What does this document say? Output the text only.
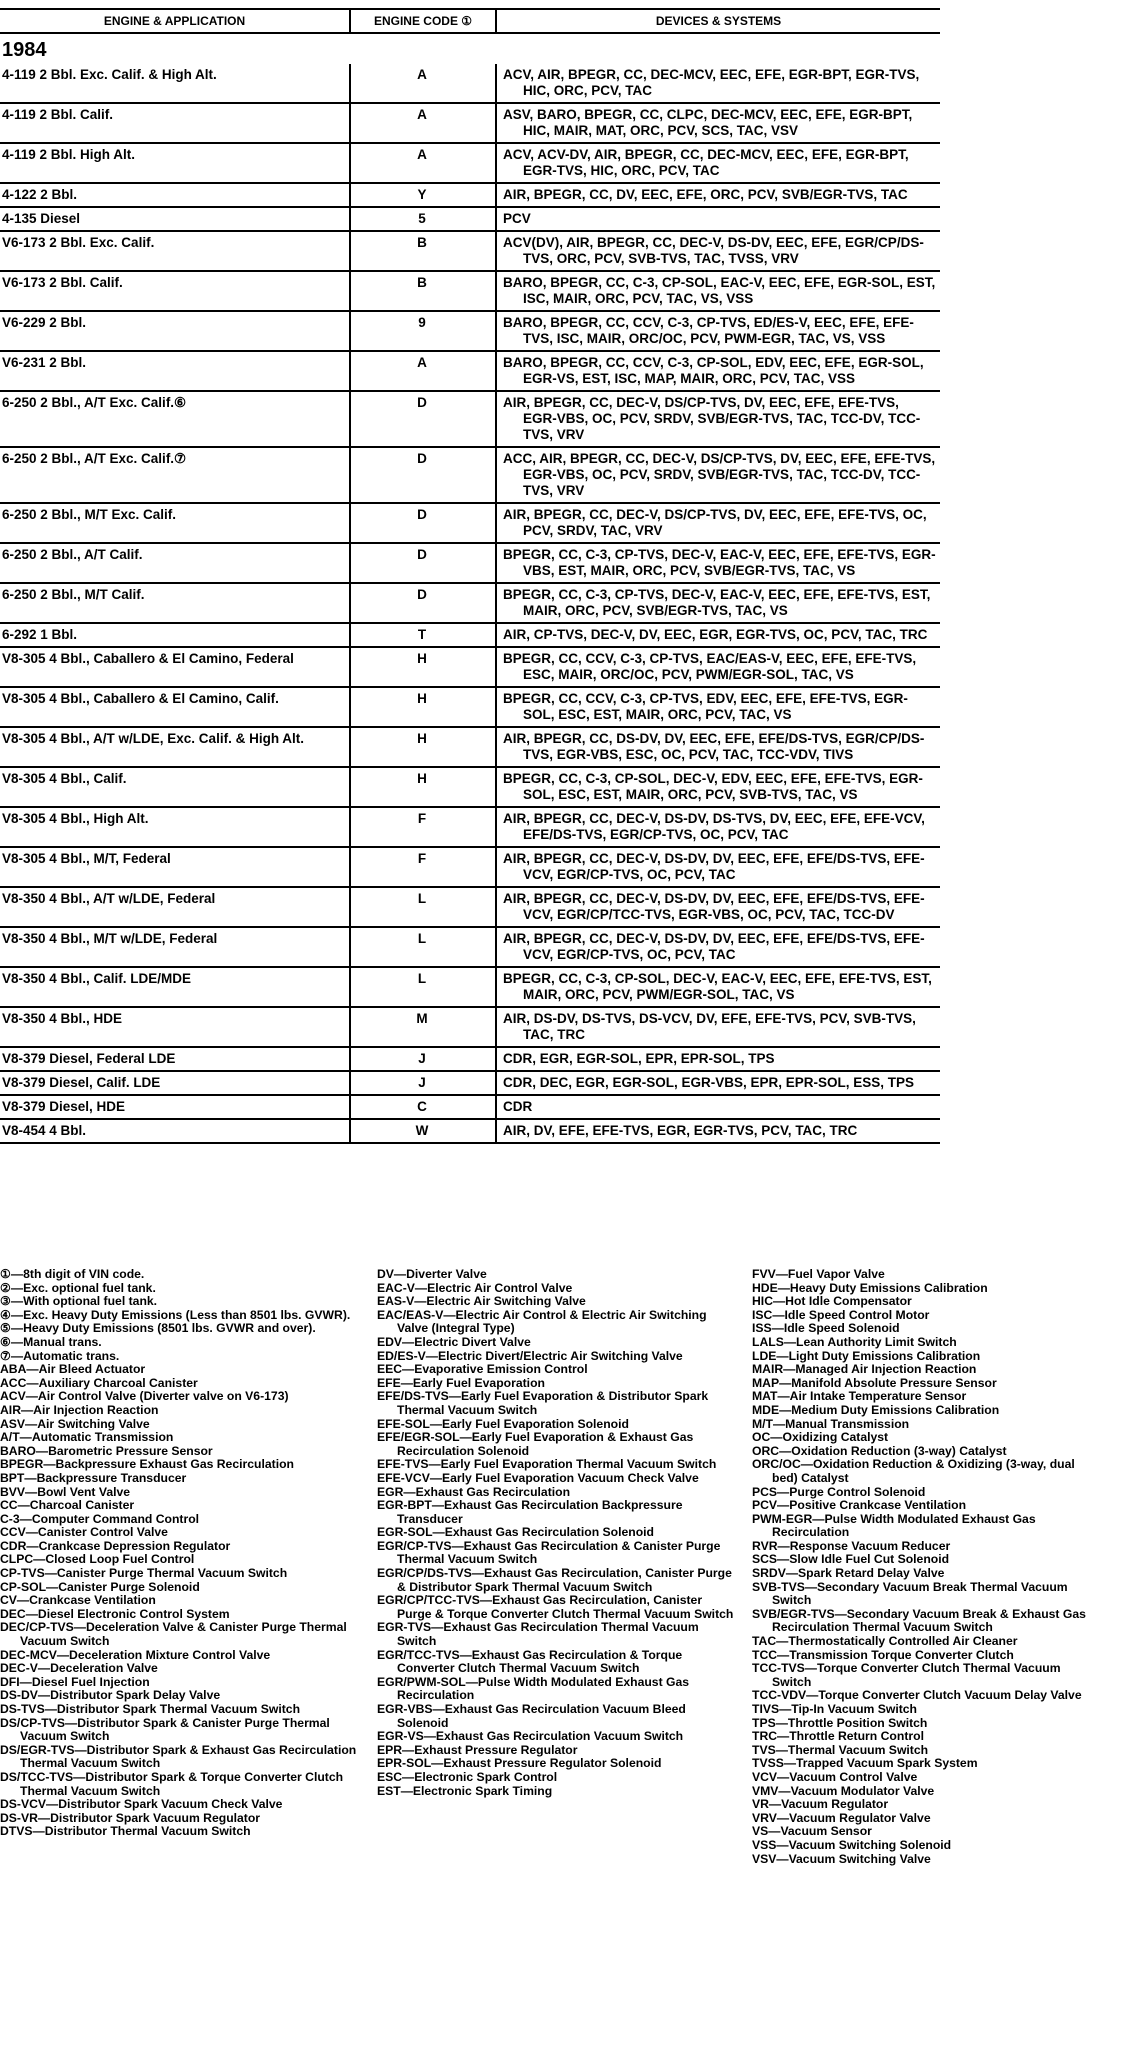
ENGINE & APPLICATION	ENGINE CODE ①	DEVICES & SYSTEMS
1984		

4-119 2 Bbl. Exc. Calif. & High Alt.	A	ACV, AIR, BPEGR, CC, DEC-MCV, EEC, EFE, EGR-BPT, EGR-TVS, HIC, ORC, PCV, TAC

4-119 2 Bbl. Calif.	A	ASV, BARO, BPEGR, CC, CLPC, DEC-MCV, EEC, EFE, EGR-BPT, HIC, MAIR, MAT, ORC, PCV, SCS, TAC, VSV

4-119 2 Bbl. High Alt.	A	ACV, ACV-DV, AIR, BPEGR, CC, DEC-MCV, EEC, EFE, EGR-BPT, EGR-TVS, HIC, ORC, PCV, TAC

4-122 2 Bbl.	Y	AIR, BPEGR, CC, DV, EEC, EFE, ORC, PCV, SVB/EGR-TVS, TAC

4-135 Diesel	5	PCV

V6-173 2 Bbl. Exc. Calif.	B	ACV(DV), AIR, BPEGR, CC, DEC-V, DS-DV, EEC, EFE, EGR/CP/DS-TVS, ORC, PCV, SVB-TVS, TAC, TVSS, VRV

V6-173 2 Bbl. Calif.	B	BARO, BPEGR, CC, C-3, CP-SOL, EAC-V, EEC, EFE, EGR-SOL, EST, ISC, MAIR, ORC, PCV, TAC, VS, VSS

V6-229 2 Bbl.	9	BARO, BPEGR, CC, CCV, C-3, CP-TVS, ED/ES-V, EEC, EFE, EFE-TVS, ISC, MAIR, ORC/OC, PCV, PWM-EGR, TAC, VS, VSS

V6-231 2 Bbl.	A	BARO, BPEGR, CC, CCV, C-3, CP-SOL, EDV, EEC, EFE, EGR-SOL, EGR-VS, EST, ISC, MAP, MAIR, ORC, PCV, TAC, VSS

6-250 2 Bbl., A/T Exc. Calif.⑥	D	AIR, BPEGR, CC, DEC-V, DS/CP-TVS, DV, EEC, EFE, EFE-TVS, EGR-VBS, OC, PCV, SRDV, SVB/EGR-TVS, TAC, TCC-DV, TCC-TVS, VRV

6-250 2 Bbl., A/T Exc. Calif.⑦	D	ACC, AIR, BPEGR, CC, DEC-V, DS/CP-TVS, DV, EEC, EFE, EFE-TVS, EGR-VBS, OC, PCV, SRDV, SVB/EGR-TVS, TAC, TCC-DV, TCC-TVS, VRV

6-250 2 Bbl., M/T Exc. Calif.	D	AIR, BPEGR, CC, DEC-V, DS/CP-TVS, DV, EEC, EFE, EFE-TVS, OC, PCV, SRDV, TAC, VRV

6-250 2 Bbl., A/T Calif.	D	BPEGR, CC, C-3, CP-TVS, DEC-V, EAC-V, EEC, EFE, EFE-TVS, EGR-VBS, EST, MAIR, ORC, PCV, SVB/EGR-TVS, TAC, VS

6-250 2 Bbl., M/T Calif.	D	BPEGR, CC, C-3, CP-TVS, DEC-V, EAC-V, EEC, EFE, EFE-TVS, EST, MAIR, ORC, PCV, SVB/EGR-TVS, TAC, VS

6-292 1 Bbl.	T	AIR, CP-TVS, DEC-V, DV, EEC, EGR, EGR-TVS, OC, PCV, TAC, TRC

V8-305 4 Bbl., Caballero & El Camino, Federal	H	BPEGR, CC, CCV, C-3, CP-TVS, EAC/EAS-V, EEC, EFE, EFE-TVS, ESC, MAIR, ORC/OC, PCV, PWM/EGR-SOL, TAC, VS

V8-305 4 Bbl., Caballero & El Camino, Calif.	H	BPEGR, CC, CCV, C-3, CP-TVS, EDV, EEC, EFE, EFE-TVS, EGR-SOL, ESC, EST, MAIR, ORC, PCV, TAC, VS

V8-305 4 Bbl., A/T w/LDE, Exc. Calif. & High Alt.	H	AIR, BPEGR, CC, DS-DV, DV, EEC, EFE, EFE/DS-TVS, EGR/CP/DS-TVS, EGR-VBS, ESC, OC, PCV, TAC, TCC-VDV, TIVS

V8-305 4 Bbl., Calif.	H	BPEGR, CC, C-3, CP-SOL, DEC-V, EDV, EEC, EFE, EFE-TVS, EGR-SOL, ESC, EST, MAIR, ORC, PCV, SVB-TVS, TAC, VS

V8-305 4 Bbl., High Alt.	F	AIR, BPEGR, CC, DEC-V, DS-DV, DS-TVS, DV, EEC, EFE, EFE-VCV, EFE/DS-TVS, EGR/CP-TVS, OC, PCV, TAC

V8-305 4 Bbl., M/T, Federal	F	AIR, BPEGR, CC, DEC-V, DS-DV, DV, EEC, EFE, EFE/DS-TVS, EFE-VCV, EGR/CP-TVS, OC, PCV, TAC

V8-350 4 Bbl., A/T w/LDE, Federal	L	AIR, BPEGR, CC, DEC-V, DS-DV, DV, EEC, EFE, EFE/DS-TVS, EFE-VCV, EGR/CP/TCC-TVS, EGR-VBS, OC, PCV, TAC, TCC-DV

V8-350 4 Bbl., M/T w/LDE, Federal	L	AIR, BPEGR, CC, DEC-V, DS-DV, DV, EEC, EFE, EFE/DS-TVS, EFE-VCV, EGR/CP-TVS, OC, PCV, TAC

V8-350 4 Bbl., Calif. LDE/MDE	L	BPEGR, CC, C-3, CP-SOL, DEC-V, EAC-V, EEC, EFE, EFE-TVS, EST, MAIR, ORC, PCV, PWM/EGR-SOL, TAC, VS

V8-350 4 Bbl., HDE	M	AIR, DS-DV, DS-TVS, DS-VCV, DV, EFE, EFE-TVS, PCV, SVB-TVS, TAC, TRC

V8-379 Diesel, Federal LDE	J	CDR, EGR, EGR-SOL, EPR, EPR-SOL, TPS

V8-379 Diesel, Calif. LDE	J	CDR, DEC, EGR, EGR-SOL, EGR-VBS, EPR, EPR-SOL, ESS, TPS

V8-379 Diesel, HDE	C	CDR

V8-454 4 Bbl.	W	AIR, DV, EFE, EFE-TVS, EGR, EGR-TVS, PCV, TAC, TRC

①—8th digit of VIN code.

②—Exc. optional fuel tank.

③—With optional fuel tank.

④—Exc. Heavy Duty Emissions (Less than 8501 lbs. GVWR).

⑤—Heavy Duty Emissions (8501 lbs. GVWR and over).

⑥—Manual trans.

⑦—Automatic trans.

ABA—Air Bleed Actuator

ACC—Auxiliary Charcoal Canister

ACV—Air Control Valve (Diverter valve on V6-173)

AIR—Air Injection Reaction

ASV—Air Switching Valve

A/T—Automatic Transmission

BARO—Barometric Pressure Sensor

BPEGR—Backpressure Exhaust Gas Recirculation

BPT—Backpressure Transducer

BVV—Bowl Vent Valve

CC—Charcoal Canister

C-3—Computer Command Control

CCV—Canister Control Valve

CDR—Crankcase Depression Regulator

CLPC—Closed Loop Fuel Control

CP-TVS—Canister Purge Thermal Vacuum Switch

CP-SOL—Canister Purge Solenoid

CV—Crankcase Ventilation

DEC—Diesel Electronic Control System

DEC/CP-TVS—Deceleration Valve & Canister Purge Thermal Vacuum Switch

DEC-MCV—Deceleration Mixture Control Valve

DEC-V—Deceleration Valve

DFI—Diesel Fuel Injection

DS-DV—Distributor Spark Delay Valve

DS-TVS—Distributor Spark Thermal Vacuum Switch

DS/CP-TVS—Distributor Spark & Canister Purge Thermal Vacuum Switch

DS/EGR-TVS—Distributor Spark & Exhaust Gas Recirculation Thermal Vacuum Switch

DS/TCC-TVS—Distributor Spark & Torque Converter Clutch Thermal Vacuum Switch

DS-VCV—Distributor Spark Vacuum Check Valve

DS-VR—Distributor Spark Vacuum Regulator

DTVS—Distributor Thermal Vacuum Switch

DV—Diverter Valve

EAC-V—Electric Air Control Valve

EAS-V—Electric Air Switching Valve

EAC/EAS-V—Electric Air Control & Electric Air Switching Valve (Integral Type)

EDV—Electric Divert Valve

ED/ES-V—Electric Divert/Electric Air Switching Valve

EEC—Evaporative Emission Control

EFE—Early Fuel Evaporation

EFE/DS-TVS—Early Fuel Evaporation & Distributor Spark Thermal Vacuum Switch

EFE-SOL—Early Fuel Evaporation Solenoid

EFE/EGR-SOL—Early Fuel Evaporation & Exhaust Gas Recirculation Solenoid

EFE-TVS—Early Fuel Evaporation Thermal Vacuum Switch

EFE-VCV—Early Fuel Evaporation Vacuum Check Valve

EGR—Exhaust Gas Recirculation

EGR-BPT—Exhaust Gas Recirculation Backpressure Transducer

EGR-SOL—Exhaust Gas Recirculation Solenoid

EGR/CP-TVS—Exhaust Gas Recirculation & Canister Purge Thermal Vacuum Switch

EGR/CP/DS-TVS—Exhaust Gas Recirculation, Canister Purge & Distributor Spark Thermal Vacuum Switch

EGR/CP/TCC-TVS—Exhaust Gas Recirculation, Canister Purge & Torque Converter Clutch Thermal Vacuum Switch

EGR-TVS—Exhaust Gas Recirculation Thermal Vacuum Switch

EGR/TCC-TVS—Exhaust Gas Recirculation & Torque Converter Clutch Thermal Vacuum Switch

EGR/PWM-SOL—Pulse Width Modulated Exhaust Gas Recirculation

EGR-VBS—Exhaust Gas Recirculation Vacuum Bleed Solenoid

EGR-VS—Exhaust Gas Recirculation Vacuum Switch

EPR—Exhaust Pressure Regulator

EPR-SOL—Exhaust Pressure Regulator Solenoid

ESC—Electronic Spark Control

EST—Electronic Spark Timing

FVV—Fuel Vapor Valve

HDE—Heavy Duty Emissions Calibration

HIC—Hot Idle Compensator

ISC—Idle Speed Control Motor

ISS—Idle Speed Solenoid

LALS—Lean Authority Limit Switch

LDE—Light Duty Emissions Calibration

MAIR—Managed Air Injection Reaction

MAP—Manifold Absolute Pressure Sensor

MAT—Air Intake Temperature Sensor

MDE—Medium Duty Emissions Calibration

M/T—Manual Transmission

OC—Oxidizing Catalyst

ORC—Oxidation Reduction (3-way) Catalyst

ORC/OC—Oxidation Reduction & Oxidizing (3-way, dual bed) Catalyst

PCS—Purge Control Solenoid

PCV—Positive Crankcase Ventilation

PWM-EGR—Pulse Width Modulated Exhaust Gas Recirculation

RVR—Response Vacuum Reducer

SCS—Slow Idle Fuel Cut Solenoid

SRDV—Spark Retard Delay Valve

SVB-TVS—Secondary Vacuum Break Thermal Vacuum Switch

SVB/EGR-TVS—Secondary Vacuum Break & Exhaust Gas Recirculation Thermal Vacuum Switch

TAC—Thermostatically Controlled Air Cleaner

TCC—Transmission Torque Converter Clutch

TCC-TVS—Torque Converter Clutch Thermal Vacuum Switch

TCC-VDV—Torque Converter Clutch Vacuum Delay Valve

TIVS—Tip-In Vacuum Switch

TPS—Throttle Position Switch

TRC—Throttle Return Control

TVS—Thermal Vacuum Switch

TVSS—Trapped Vacuum Spark System

VCV—Vacuum Control Valve

VMV—Vacuum Modulator Valve

VR—Vacuum Regulator

VRV—Vacuum Regulator Valve

VS—Vacuum Sensor

VSS—Vacuum Switching Solenoid

VSV—Vacuum Switching Valve
